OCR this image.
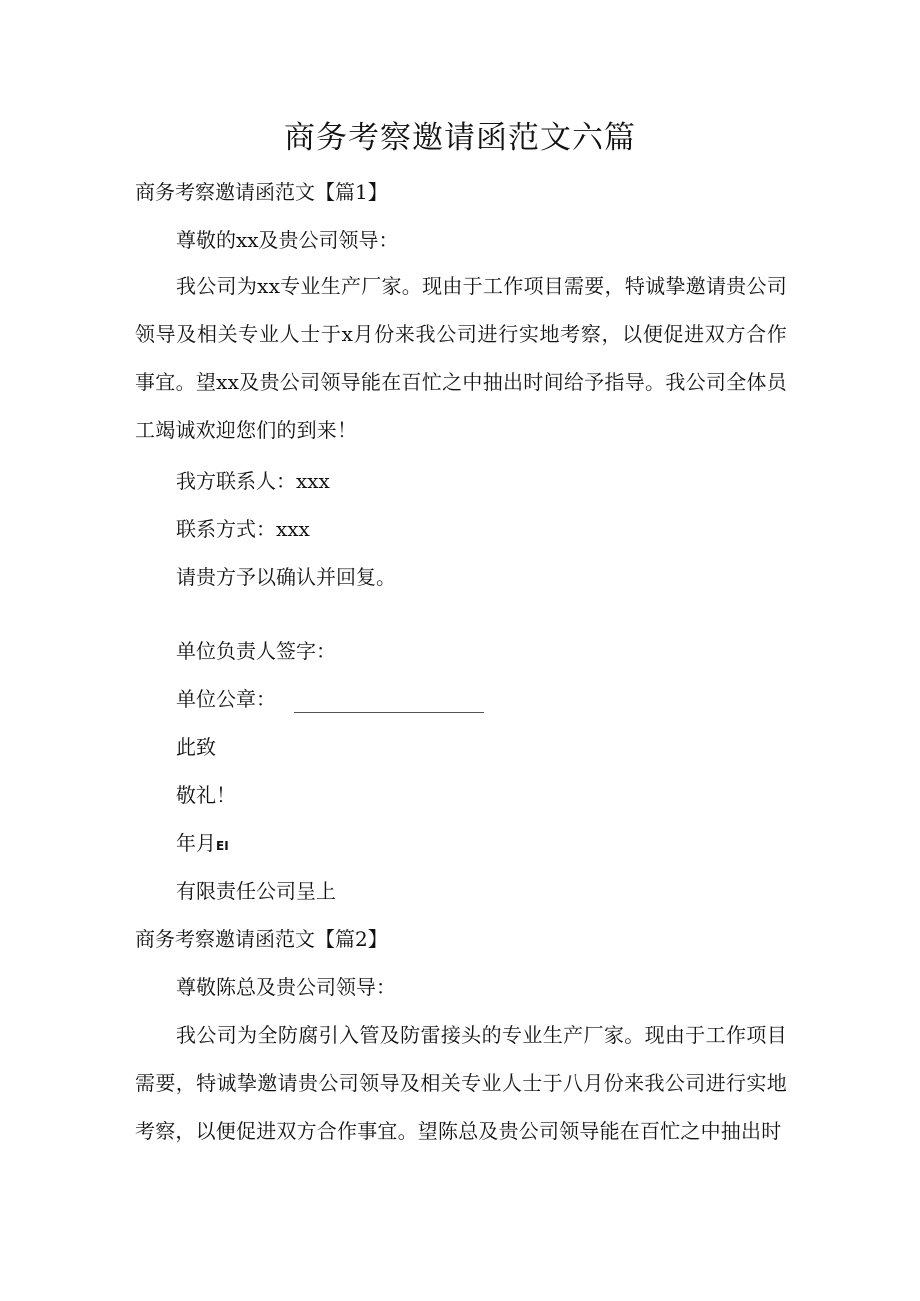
商务考察邀请函范文六篇
商务考察邀请函范文【篇1】
尊敬的xx及贵公司领导：
我公司为xx专业生产厂家。现由于工作项目需要，特诚挚邀请贵公司领导及相关专业人士于x月份来我公司进行实地考察，以便促进双方合作事宜。望xx及贵公司领导能在百忙之中抽出时间给予指导。我公司全体员工竭诚欢迎您们的到来！
我方联系人：xxx
联系方式：xxx
请贵方予以确认并回复。
单位负责人签字：
单位公章：
此致
敬礼！
年月EI
有限责任公司呈上
商务考察邀请函范文【篇2】
尊敬陈总及贵公司领导：
我公司为全防腐引入管及防雷接头的专业生产厂家。现由于工作项目需要，特诚挚邀请贵公司领导及相关专业人士于八月份来我公司进行实地考察，以便促进双方合作事宜。望陈总及贵公司领导能在百忙之中抽出时
